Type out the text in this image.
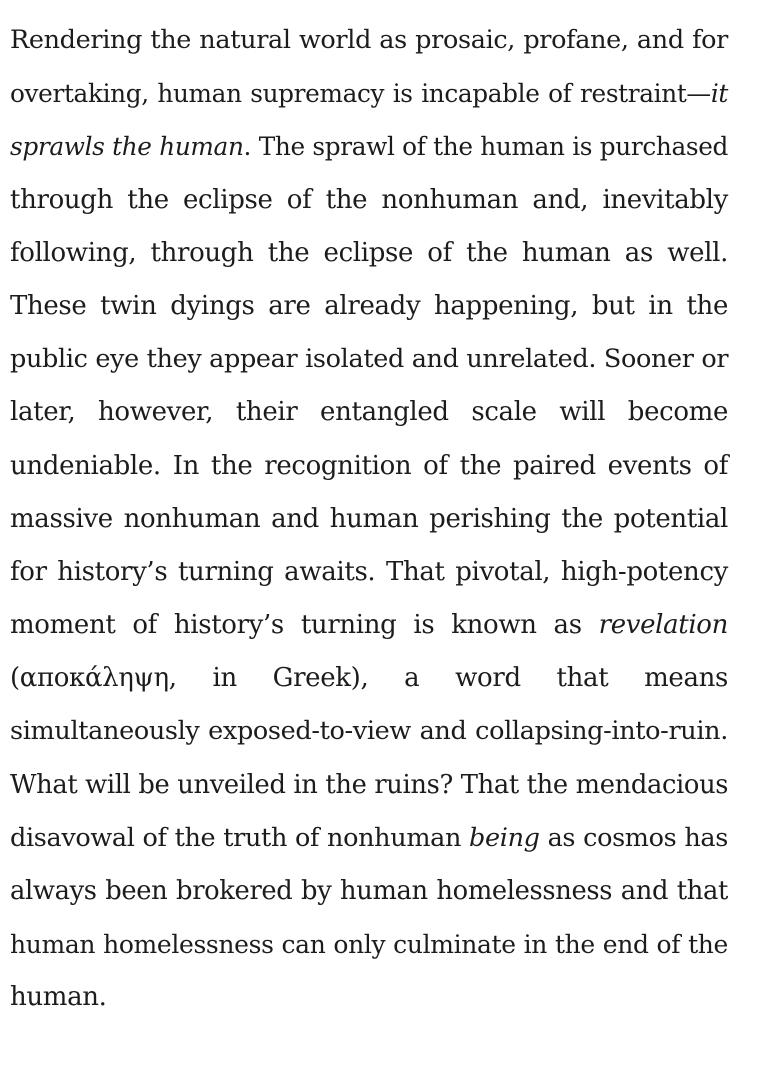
Rendering the natural world as prosaic, profane, and for
overtaking, human supremacy is incapable of restraint—it
sprawls the human. The sprawl of the human is purchased
through the eclipse of the nonhuman and, inevitably
following, through the eclipse of the human as well.
These twin dyings are already happening, but in the
public eye they appear isolated and unrelated. Sooner or
later, however, their entangled scale will become
undeniable. In the recognition of the paired events of
massive nonhuman and human perishing the potential
for history’s turning awaits. That pivotal, high-potency
moment of history’s turning is known as revelation
(αποκάληψη, in Greek), a word that means
simultaneously exposed-to-view and collapsing-into-ruin.
What will be unveiled in the ruins? That the mendacious
disavowal of the truth of nonhuman being as cosmos has
always been brokered by human homelessness and that
human homelessness can only culminate in the end of the
human.
